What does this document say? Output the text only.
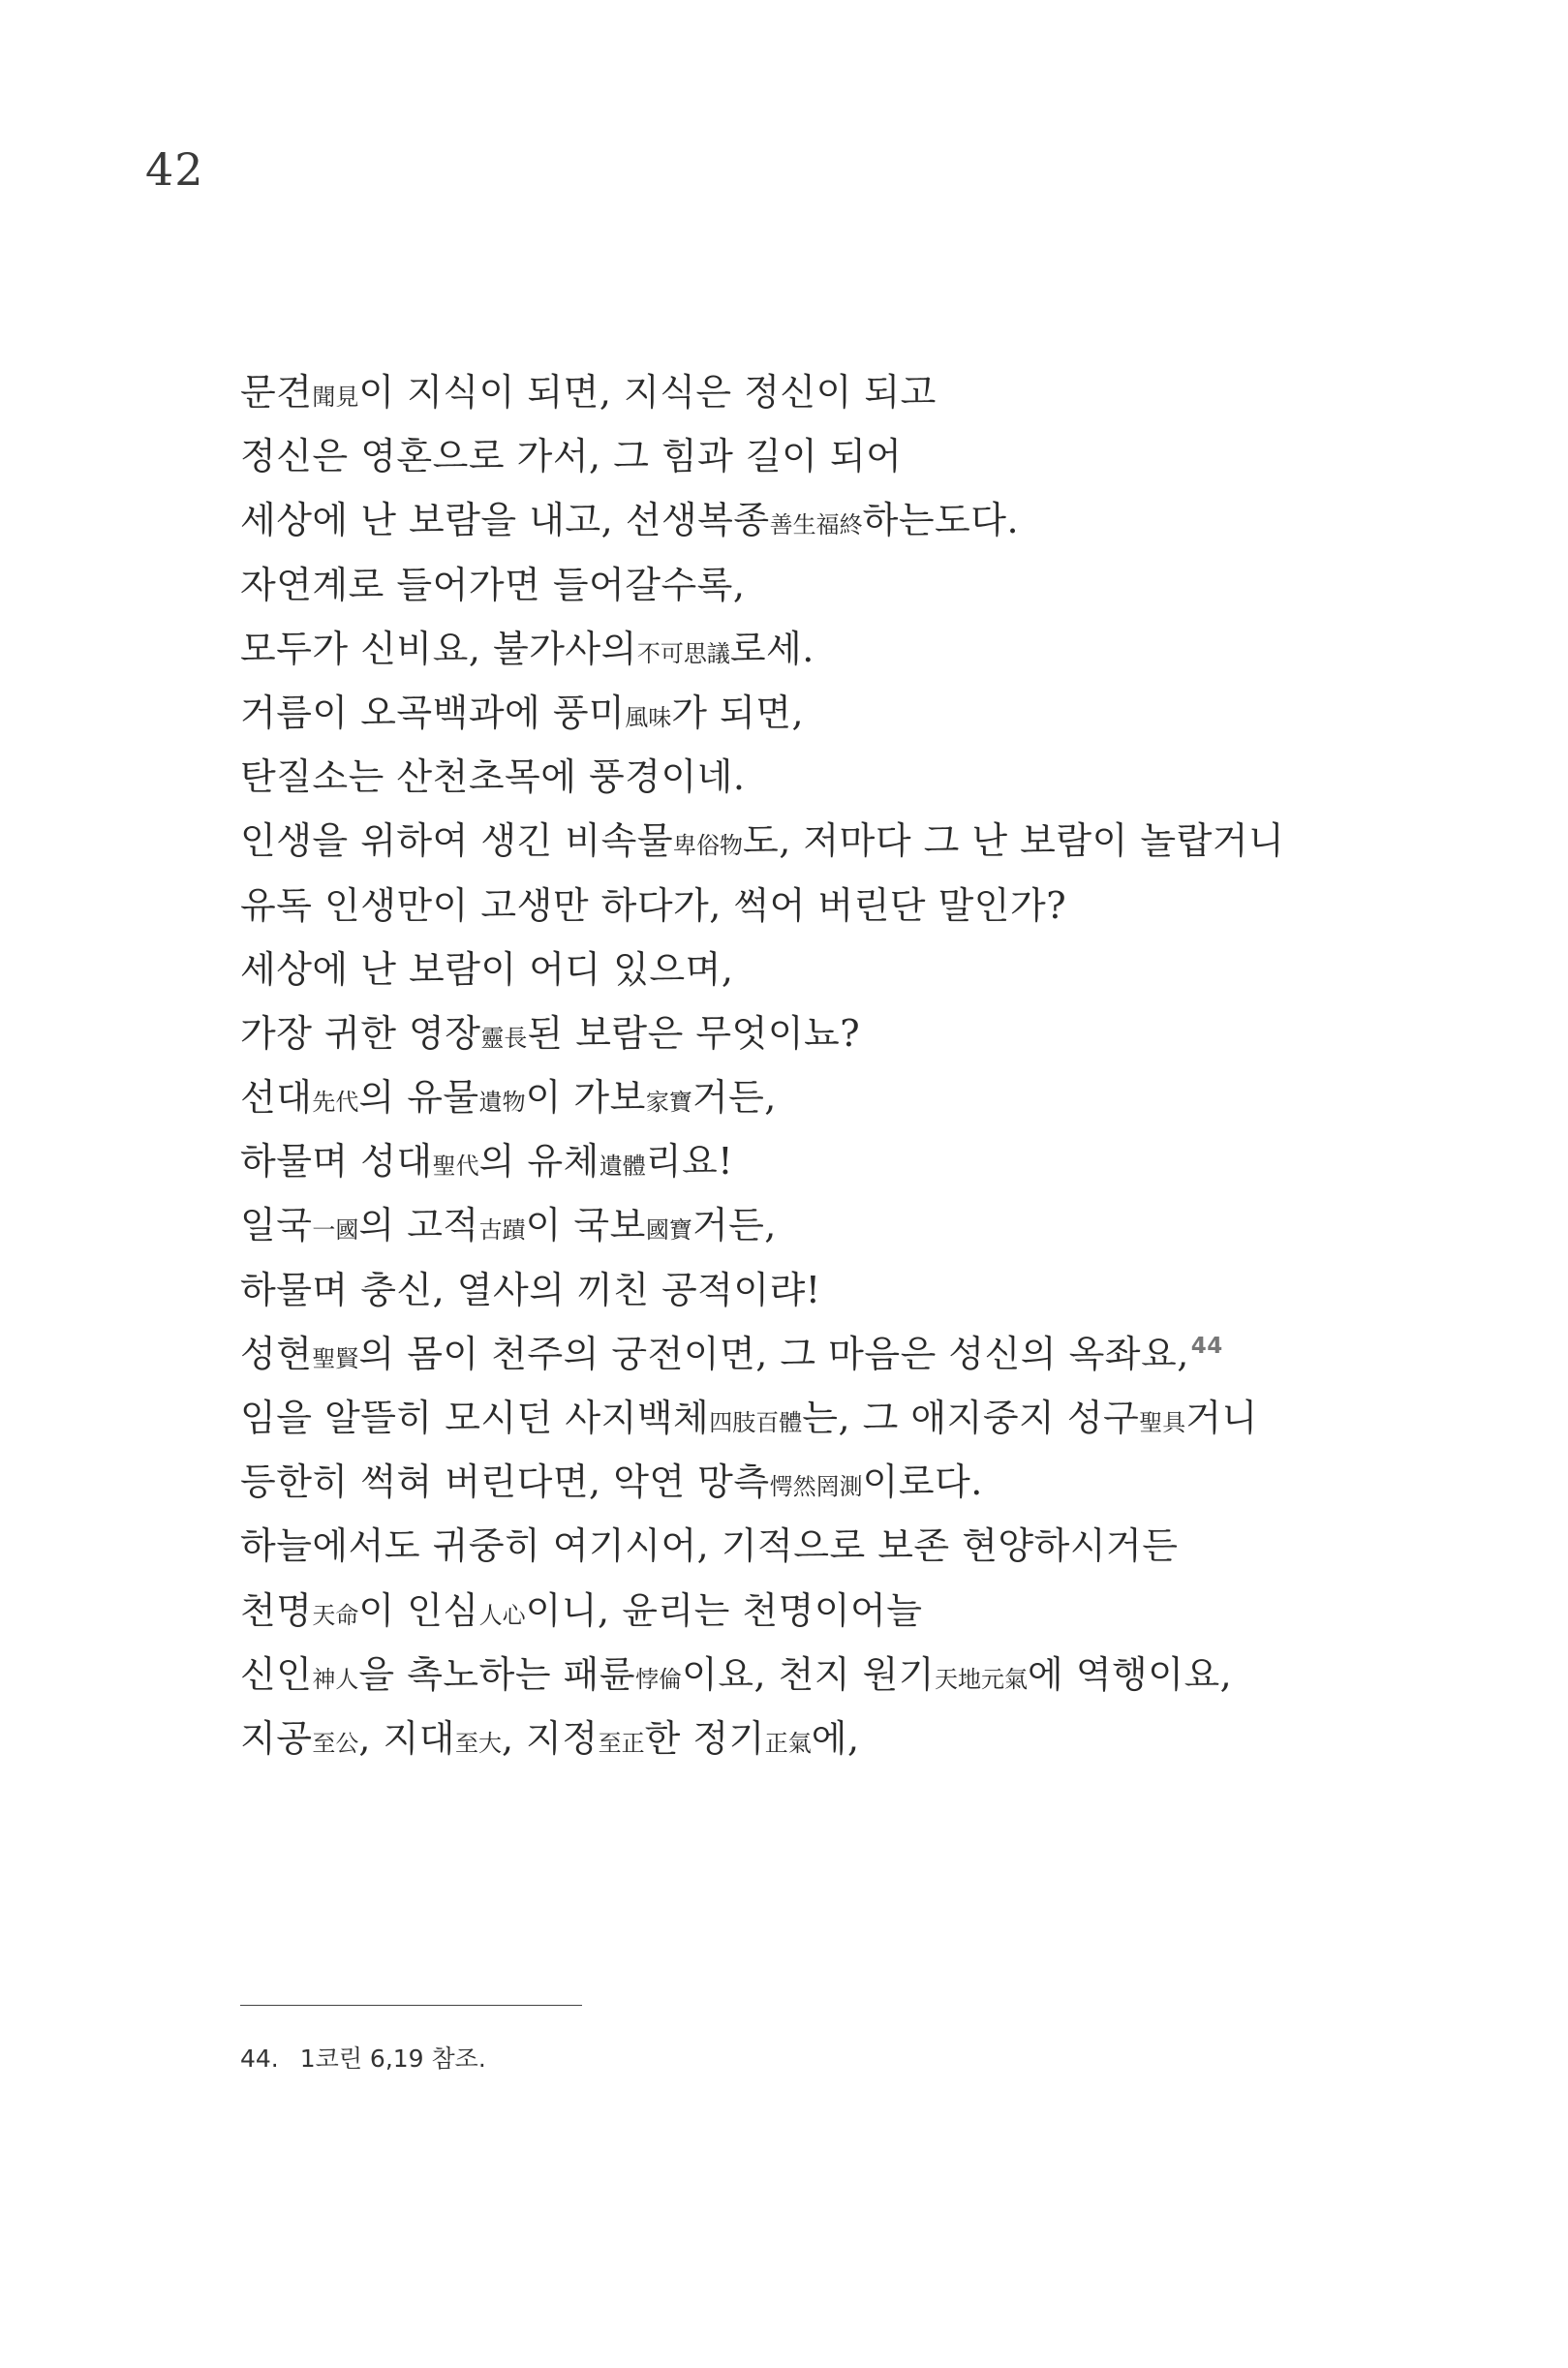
42
문견聞見이 지식이 되면, 지식은 정신이 되고
정신은 영혼으로 가서, 그 힘과 길이 되어
세상에 난 보람을 내고, 선생복종善生福終하는도다.
자연계로 들어가면 들어갈수록,
모두가 신비요, 불가사의不可思議로세.
거름이 오곡백과에 풍미風味가 되면,
탄질소는 산천초목에 풍경이네.
인생을 위하여 생긴 비속물卑俗物도, 저마다 그 난 보람이 놀랍거니
유독 인생만이 고생만 하다가, 썩어 버린단 말인가?
세상에 난 보람이 어디 있으며,
가장 귀한 영장靈長된 보람은 무엇이뇨?
선대先代의 유물遺物이 가보家寶거든,
하물며 성대聖代의 유체遺體리요!
일국一國의 고적古蹟이 국보國寶거든,
하물며 충신, 열사의 끼친 공적이랴!
성현聖賢의 몸이 천주의 궁전이면, 그 마음은 성신의 옥좌요,$^{44}$
임을 알뜰히 모시던 사지백체四肢百體는, 그 애지중지 성구聖具거니
등한히 썩혀 버린다면, 악연 망측愕然罔測이로다.
하늘에서도 귀중히 여기시어, 기적으로 보존 현양하시거든
천명天命이 인심人心이니, 윤리는 천명이어늘
신인神人을 촉노하는 패륜悖倫이요, 천지 원기天地元氣에 역행이요,
지공至公, 지대至大, 지정至正한 정기正氣에,
44. 1코린 6,19 참조.
